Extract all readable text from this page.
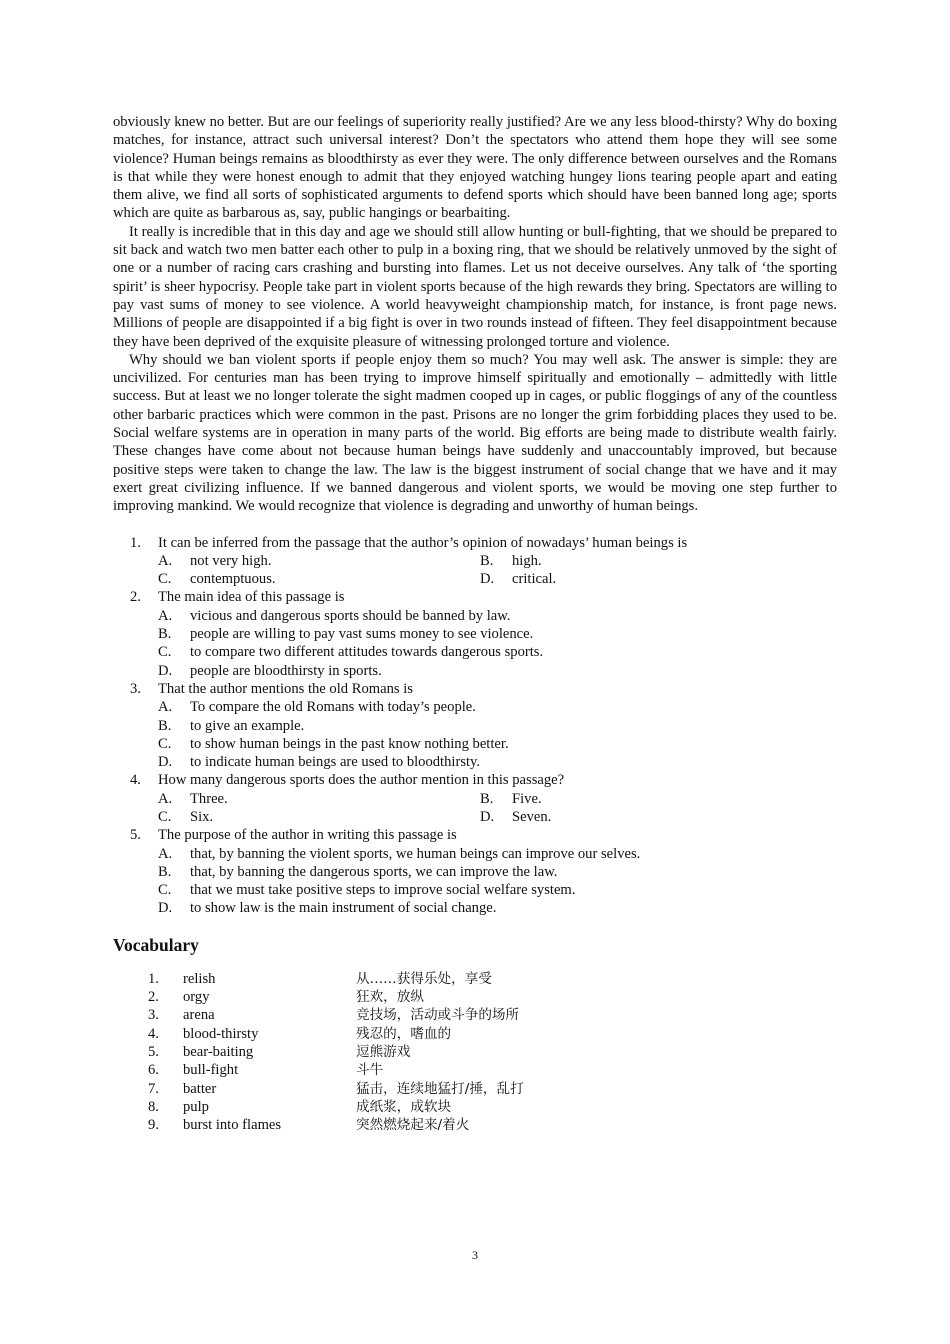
obviously knew no better. But are our feelings of superiority really justified? Are we any less blood-thirsty? Why do boxing matches, for instance, attract such universal interest? Don’t the spectators who attend them hope they will see some violence? Human beings remains as bloodthirsty as ever they were. The only difference between ourselves and the Romans is that while they were honest enough to admit that they enjoyed watching hungey lions tearing people apart and eating them alive, we find all sorts of sophisticated arguments to defend sports which should have been banned long age; sports which are quite as barbarous as, say, public hangings or bearbaiting.

It really is incredible that in this day and age we should still allow hunting or bull-fighting, that we should be prepared to sit back and watch two men batter each other to pulp in a boxing ring, that we should be relatively unmoved by the sight of one or a number of racing cars crashing and bursting into flames. Let us not deceive ourselves. Any talk of ‘the sporting spirit’ is sheer hypocrisy. People take part in violent sports because of the high rewards they bring. Spectators are willing to pay vast sums of money to see violence. A world heavyweight championship match, for instance, is front page news. Millions of people are disappointed if a big fight is over in two rounds instead of fifteen. They feel disappointment because they have been deprived of the exquisite pleasure of witnessing prolonged torture and violence.

Why should we ban violent sports if people enjoy them so much? You may well ask. The answer is simple: they are uncivilized. For centuries man has been trying to improve himself spiritually and emotionally – admittedly with little success. But at least we no longer tolerate the sight madmen cooped up in cages, or public floggings of any of the countless other barbaric practices which were common in the past. Prisons are no longer the grim forbidding places they used to be. Social welfare systems are in operation in many parts of the world. Big efforts are being made to distribute wealth fairly. These changes have come about not because human beings have suddenly and unaccountably improved, but because positive steps were taken to change the law. The law is the biggest instrument of social change that we have and it may exert great civilizing influence. If we banned dangerous and violent sports, we would be moving one step further to improving mankind. We would recognize that violence is degrading and unworthy of human beings.

1. It can be inferred from the passage that the author’s opinion of nowadays’ human beings is
A. not very high.	B. high.
C. contemptuous.	D. critical.
2. The main idea of this passage is
A. vicious and dangerous sports should be banned by law.
B. people are willing to pay vast sums money to see violence.
C. to compare two different attitudes towards dangerous sports.
D. people are bloodthirsty in sports.
3. That the author mentions the old Romans is
A. To compare the old Romans with today’s people.
B. to give an example.
C. to show human beings in the past know nothing better.
D. to indicate human beings are used to bloodthirsty.
4. How many dangerous sports does the author mention in this passage?
A. Three.	B. Five.
C. Six.	D. Seven.
5. The purpose of the author in writing this passage is
A. that, by banning the violent sports, we human beings can improve our selves.
B. that, by banning the dangerous sports, we can improve the law.
C. that we must take positive steps to improve social welfare system.
D. to show law is the main instrument of social change.
Vocabulary
1. relish	从……获得乐处，享受
2. orgy	狂欢，放纵
3. arena	竞技场，活动或斗争的场所
4. blood-thirsty	残忍的，嗜血的
5. bear-baiting	逗熊游戏
6. bull-fight	斗牛
7. batter	猛击，连续地猛打/捶，乱打
8. pulp	成纸浆，成软块
9. burst into flames	突然燃烧起来/着火
3
